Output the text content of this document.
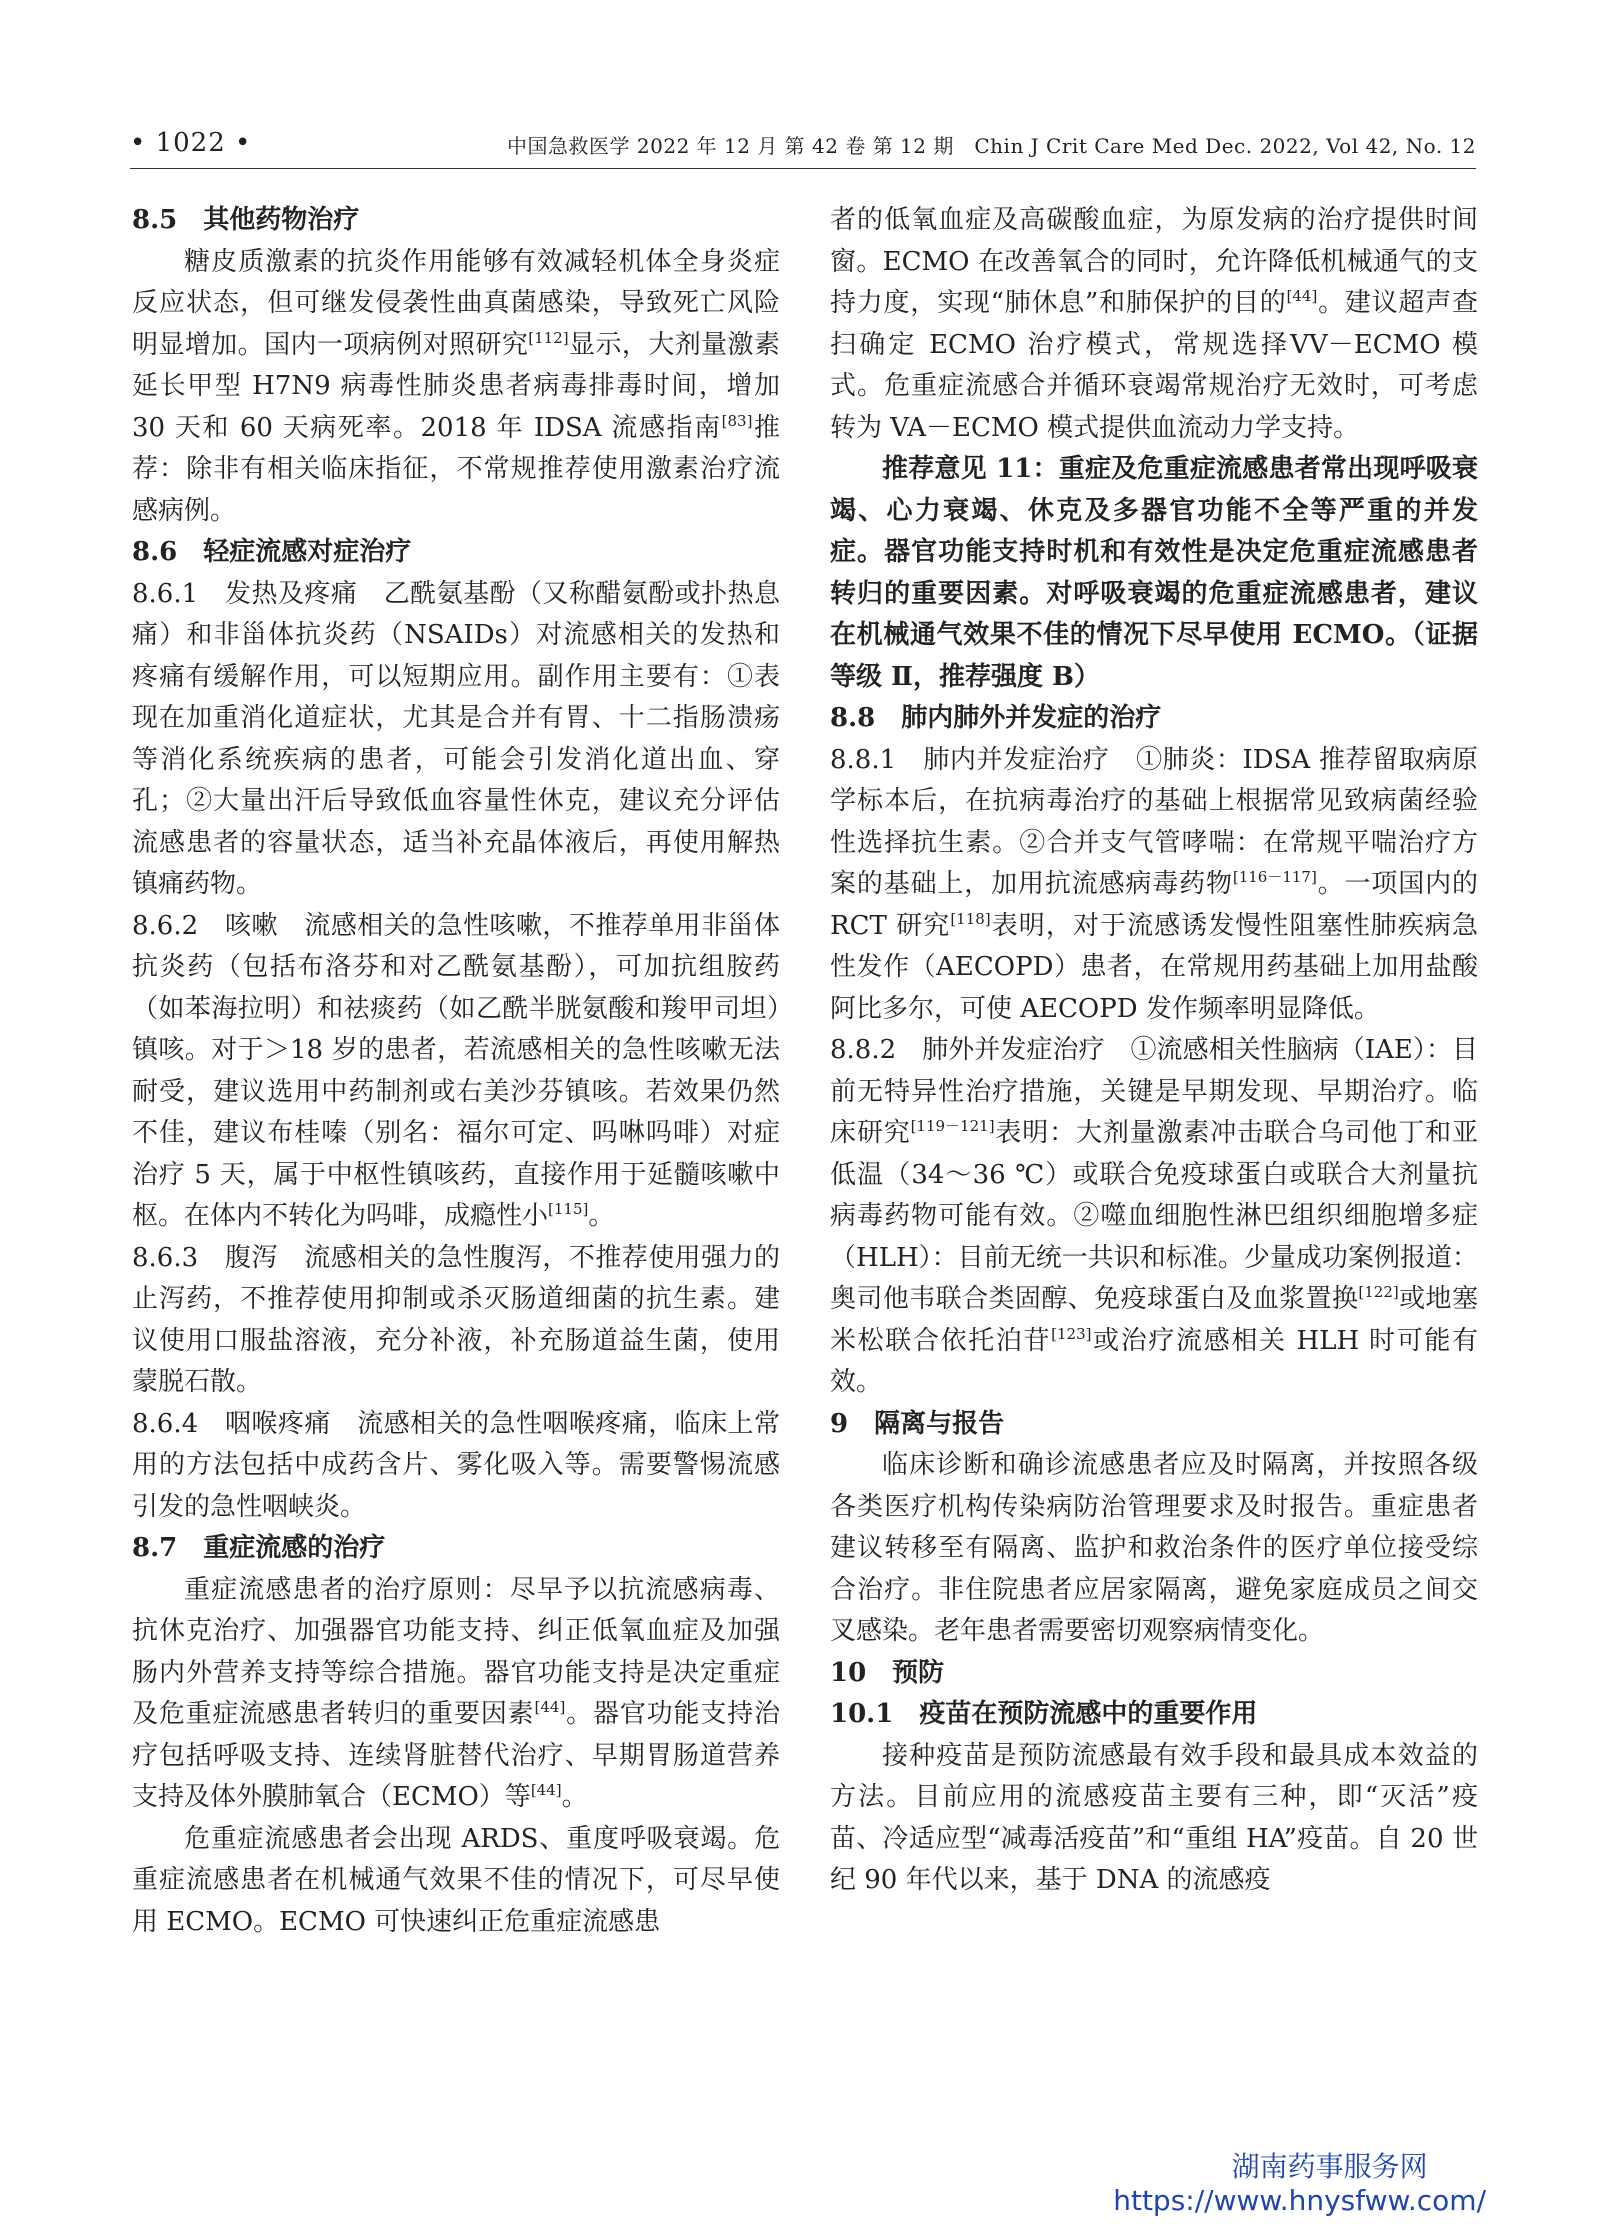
• 1022 •	中国急救医学 2022 年 12 月 第 42 卷 第 12 期　Chin J Crit Care Med Dec. 2022, Vol 42, No. 12

8.5　其他药物治疗

糖皮质激素的抗炎作用能够有效减轻机体全身炎症反应状态，但可继发侵袭性曲真菌感染，导致死亡风险明显增加。国内一项病例对照研究[112]显示，大剂量激素延长甲型 H7N9 病毒性肺炎患者病毒排毒时间，增加 30 天和 60 天病死率。2018 年 IDSA 流感指南[83]推荐：除非有相关临床指征，不常规推荐使用激素治疗流感病例。

8.6　轻症流感对症治疗

8.6.1　发热及疼痛　乙酰氨基酚（又称醋氨酚或扑热息痛）和非甾体抗炎药（NSAIDs）对流感相关的发热和疼痛有缓解作用，可以短期应用。副作用主要有：①表现在加重消化道症状，尤其是合并有胃、十二指肠溃疡等消化系统疾病的患者，可能会引发消化道出血、穿孔；②大量出汗后导致低血容量性休克，建议充分评估流感患者的容量状态，适当补充晶体液后，再使用解热镇痛药物。

8.6.2　咳嗽　流感相关的急性咳嗽，不推荐单用非甾体抗炎药（包括布洛芬和对乙酰氨基酚），可加抗组胺药（如苯海拉明）和祛痰药（如乙酰半胱氨酸和羧甲司坦）镇咳。对于＞18 岁的患者，若流感相关的急性咳嗽无法耐受，建议选用中药制剂或右美沙芬镇咳。若效果仍然不佳，建议布桂嗪（别名：福尔可定、吗啉吗啡）对症治疗 5 天，属于中枢性镇咳药，直接作用于延髓咳嗽中枢。在体内不转化为吗啡，成瘾性小[115]。

8.6.3　腹泻　流感相关的急性腹泻，不推荐使用强力的止泻药，不推荐使用抑制或杀灭肠道细菌的抗生素。建议使用口服盐溶液，充分补液，补充肠道益生菌，使用蒙脱石散。

8.6.4　咽喉疼痛　流感相关的急性咽喉疼痛，临床上常用的方法包括中成药含片、雾化吸入等。需要警惕流感引发的急性咽峡炎。

8.7　重症流感的治疗

重症流感患者的治疗原则：尽早予以抗流感病毒、抗休克治疗、加强器官功能支持、纠正低氧血症及加强肠内外营养支持等综合措施。器官功能支持是决定重症及危重症流感患者转归的重要因素[44]。器官功能支持治疗包括呼吸支持、连续肾脏替代治疗、早期胃肠道营养支持及体外膜肺氧合（ECMO）等[44]。

危重症流感患者会出现 ARDS、重度呼吸衰竭。危重症流感患者在机械通气效果不佳的情况下，可尽早使用 ECMO。ECMO 可快速纠正危重症流感患

者的低氧血症及高碳酸血症，为原发病的治疗提供时间窗。ECMO 在改善氧合的同时，允许降低机械通气的支持力度，实现“肺休息”和肺保护的目的[44]。建议超声查扫确定 ECMO 治疗模式，常规选择VV－ECMO 模式。危重症流感合并循环衰竭常规治疗无效时，可考虑转为 VA－ECMO 模式提供血流动力学支持。

推荐意见 11：重症及危重症流感患者常出现呼吸衰竭、心力衰竭、休克及多器官功能不全等严重的并发症。器官功能支持时机和有效性是决定危重症流感患者转归的重要因素。对呼吸衰竭的危重症流感患者，建议在机械通气效果不佳的情况下尽早使用 ECMO。（证据等级 Ⅱ，推荐强度 B）

8.8　肺内肺外并发症的治疗

8.8.1　肺内并发症治疗　①肺炎：IDSA 推荐留取病原学标本后，在抗病毒治疗的基础上根据常见致病菌经验性选择抗生素。②合并支气管哮喘：在常规平喘治疗方案的基础上，加用抗流感病毒药物[116－117]。一项国内的 RCT 研究[118]表明，对于流感诱发慢性阻塞性肺疾病急性发作（AECOPD）患者，在常规用药基础上加用盐酸阿比多尔，可使 AECOPD 发作频率明显降低。

8.8.2　肺外并发症治疗　①流感相关性脑病（IAE）：目前无特异性治疗措施，关键是早期发现、早期治疗。临床研究[119－121]表明：大剂量激素冲击联合乌司他丁和亚低温（34～36 ℃）或联合免疫球蛋白或联合大剂量抗病毒药物可能有效。②噬血细胞性淋巴组织细胞增多症（HLH）：目前无统一共识和标准。少量成功案例报道：奥司他韦联合类固醇、免疫球蛋白及血浆置换[122]或地塞米松联合依托泊苷[123]或治疗流感相关 HLH 时可能有效。

9　隔离与报告

临床诊断和确诊流感患者应及时隔离，并按照各级各类医疗机构传染病防治管理要求及时报告。重症患者建议转移至有隔离、监护和救治条件的医疗单位接受综合治疗。非住院患者应居家隔离，避免家庭成员之间交叉感染。老年患者需要密切观察病情变化。

10　预防

10.1　疫苗在预防流感中的重要作用

接种疫苗是预防流感最有效手段和最具成本效益的方法。目前应用的流感疫苗主要有三种，即“灭活”疫苗、冷适应型“减毒活疫苗”和“重组 HA”疫苗。自 20 世纪 90 年代以来，基于 DNA 的流感疫

湖南药事服务网
https://www.hnysfww.com/
